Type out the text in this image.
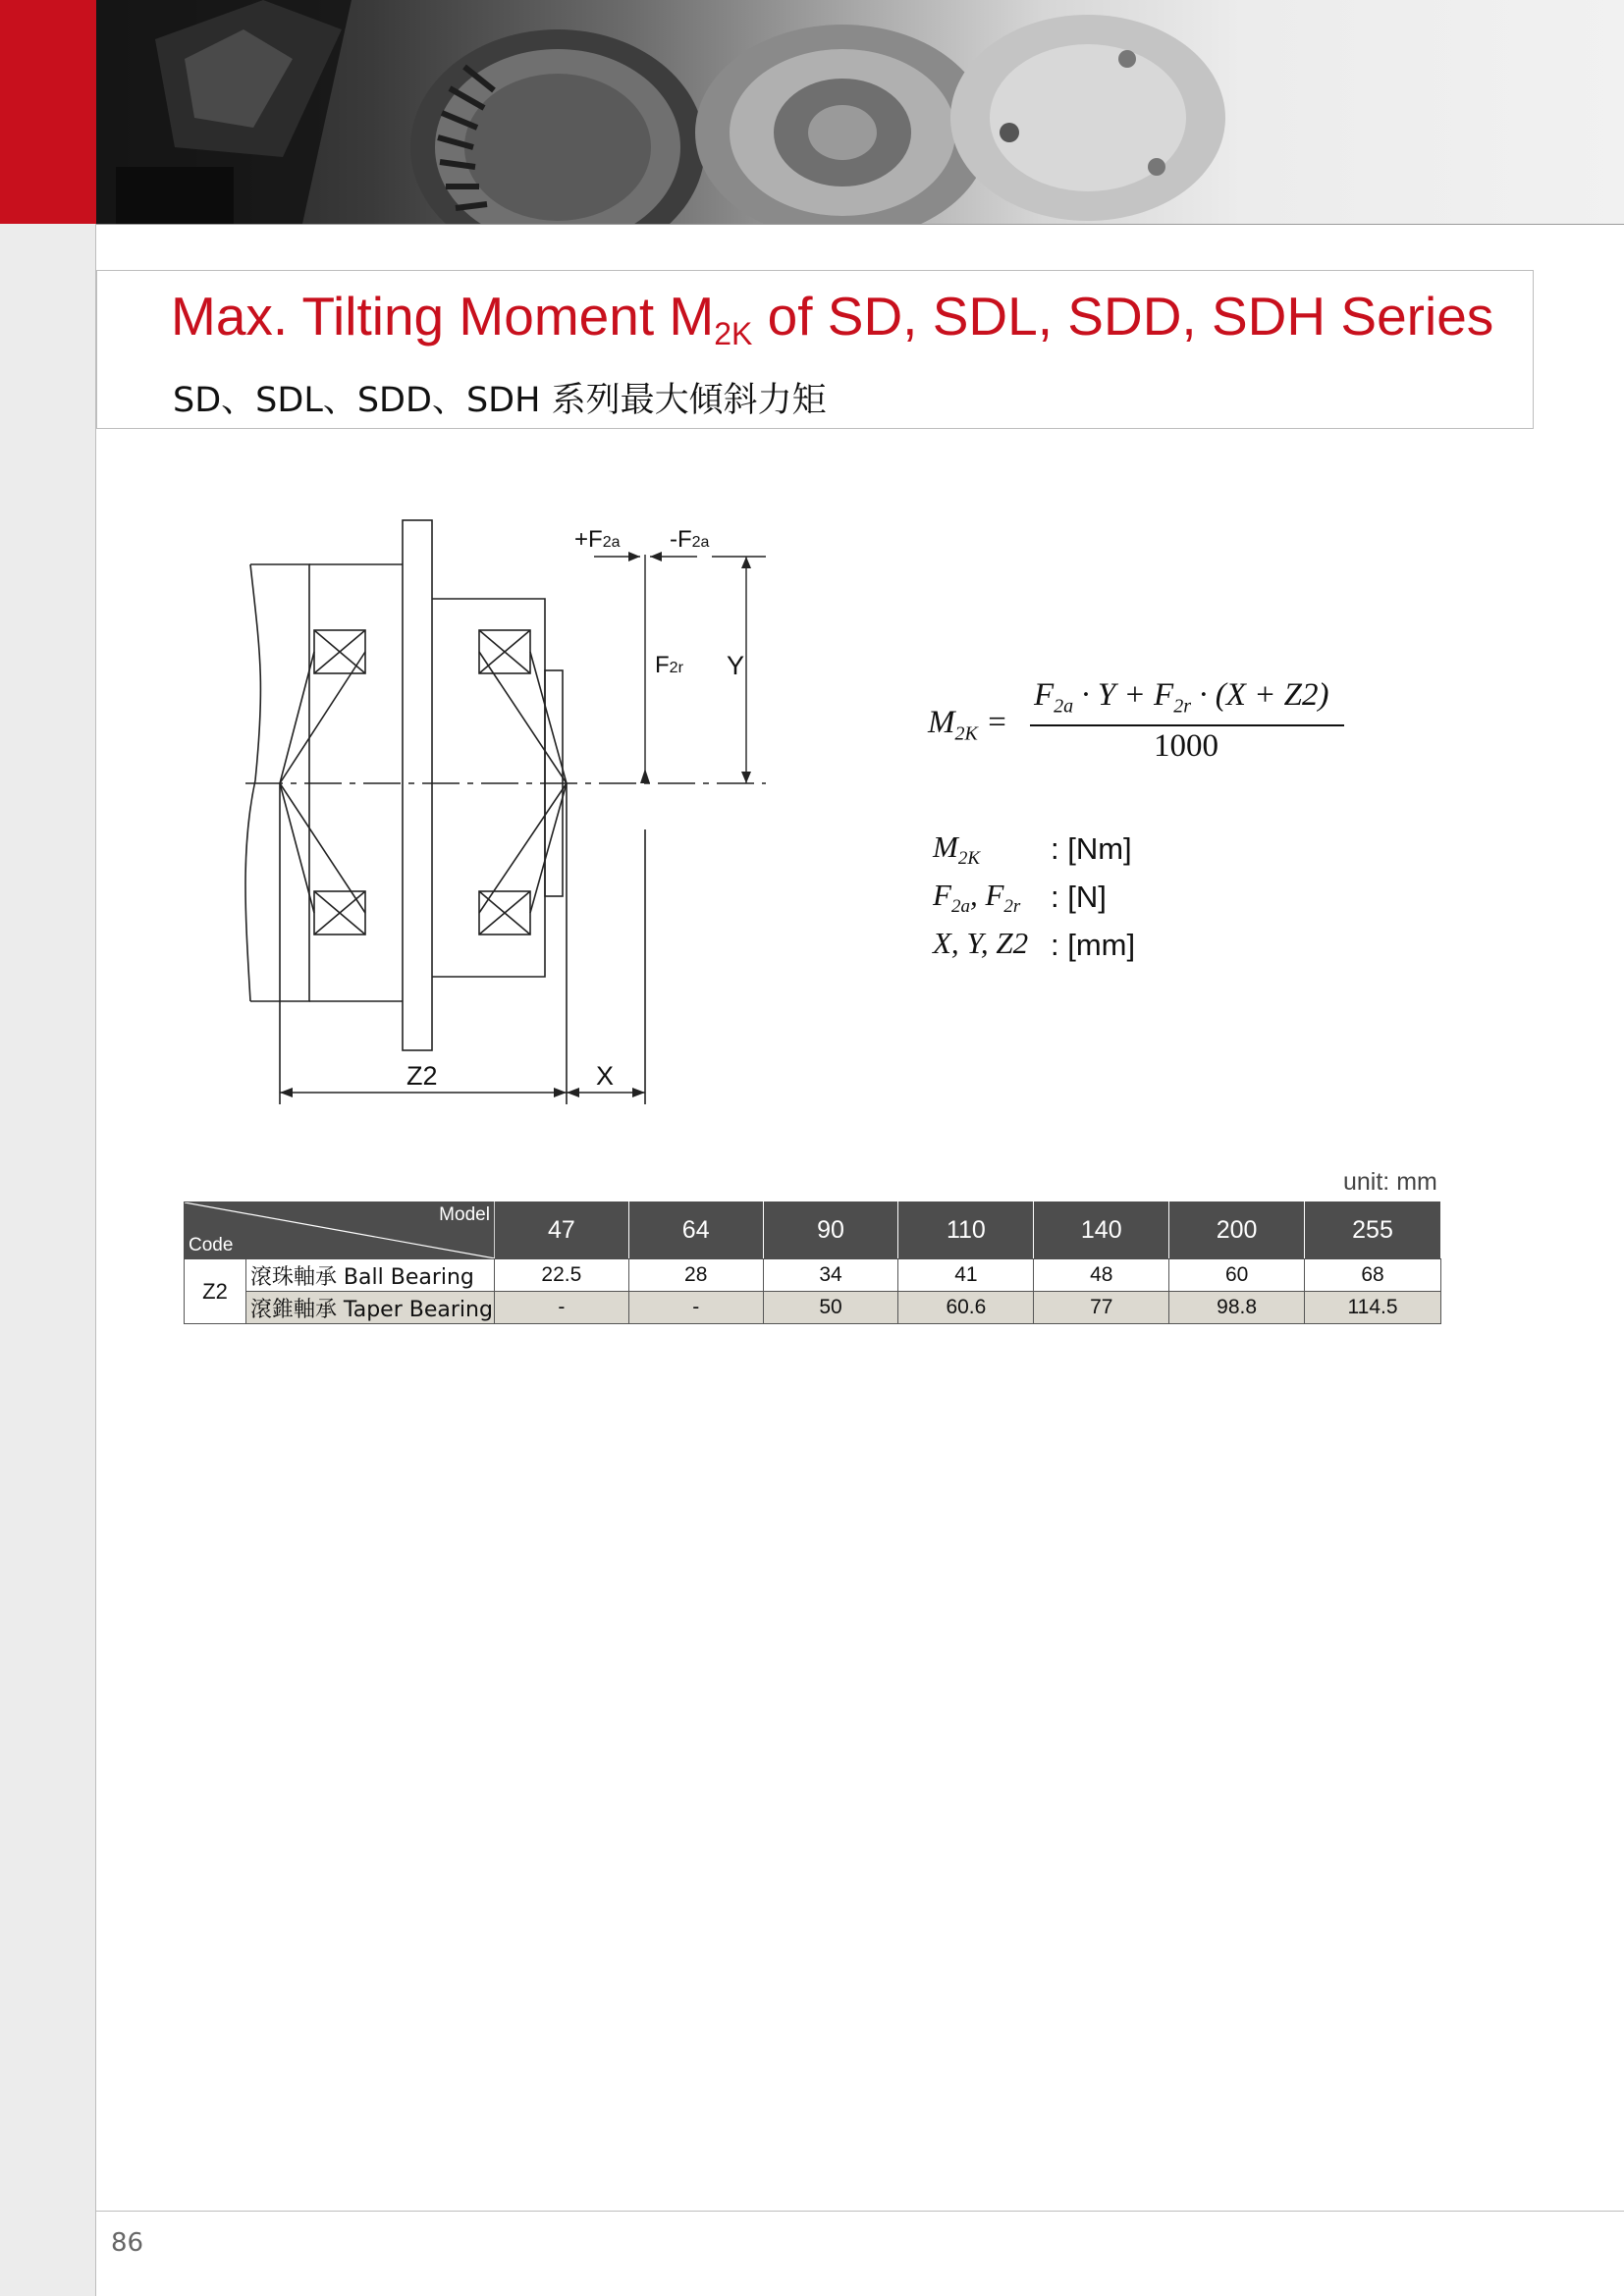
Max. Tilting Moment $M_{2K}$ of SD, SDL, SDD, SDH Series
SD、SDL、SDD、SDH 系列最大傾斜力矩
+F2a -F2a
F2r Y
Z2	X
$M_{2K}$ =
$F_{2a} \cdot Y + F_{2r} \cdot (X + Z2)$
1000
$M_{2K}$ : [Nm]
$F_{2a}$, $F_{2r}$ : [N]
X, Y, Z2 : [mm]
unit: mm
Model
Code		47	64	90	110	140	200	255
Z2	滾珠軸承 Ball Bearing	22.5	28	34	41	48	60	68
	滾錐軸承 Taper Bearing	-	-	50	60.6	77	98.8	114.5
86
